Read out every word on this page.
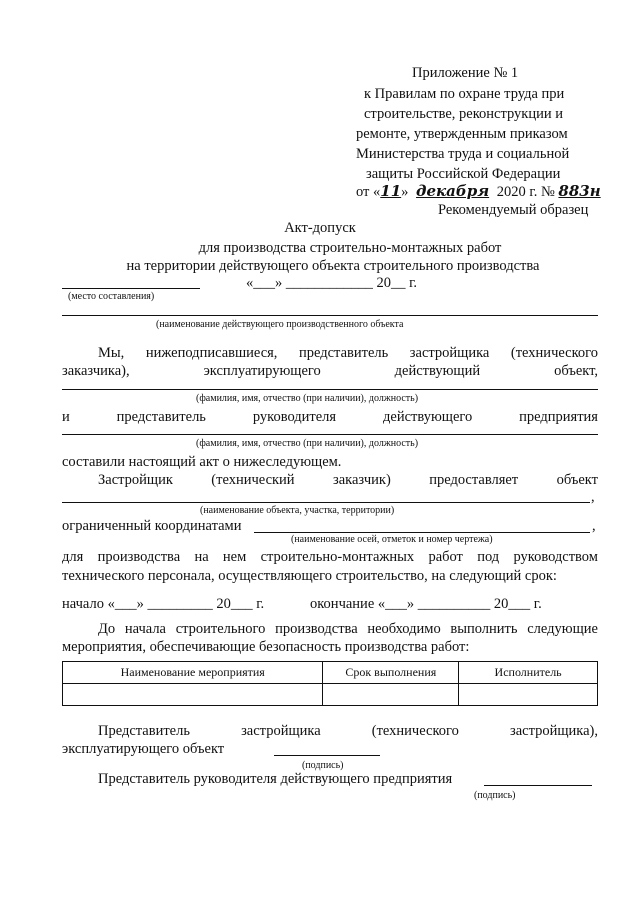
Приложение № 1
к Правилам по охране труда при
строительстве, реконструкции и
ремонте, утвержденным приказом
Министерства труда и социальной
защиты Российской Федерации
от «11» декабря 2020 г. № 883н
Рекомендуемый образец
Акт-допуск
для производства строительно-монтажных работ
на территории действующего объекта строительного производства
«___» ____________ 20__ г.
(место составления)
(наименование действующего производственного объекта
Мы, нижеподписавшиеся, представитель застройщика (технического
заказчика),	эксплуатирующего	действующий	объект,
(фамилия, имя, отчество (при наличии), должность)
и	представитель	руководителя	действующего	предприятия
(фамилия, имя, отчество (при наличии), должность)
составили настоящий акт о нижеследующем.
Застройщик	(технический	заказчик)	предоставляет	объект
,
(наименование объекта, участка, территории)
ограниченный координатами	,
(наименование осей, отметок и номер чертежа)
для производства на нем строительно-монтажных работ под руководством
технического персонала, осуществляющего строительство, на следующий срок:
начало «___» _________ 20___ г.	окончание «___» __________ 20___ г.
До начала строительного производства необходимо выполнить следующие
мероприятия, обеспечивающие безопасность производства работ:
Наименование мероприятия	Срок выполнения	Исполнитель

Представитель	застройщика	(технического	застройщика),
эксплуатирующего объект
(подпись)
Представитель руководителя действующего предприятия
(подпись)
